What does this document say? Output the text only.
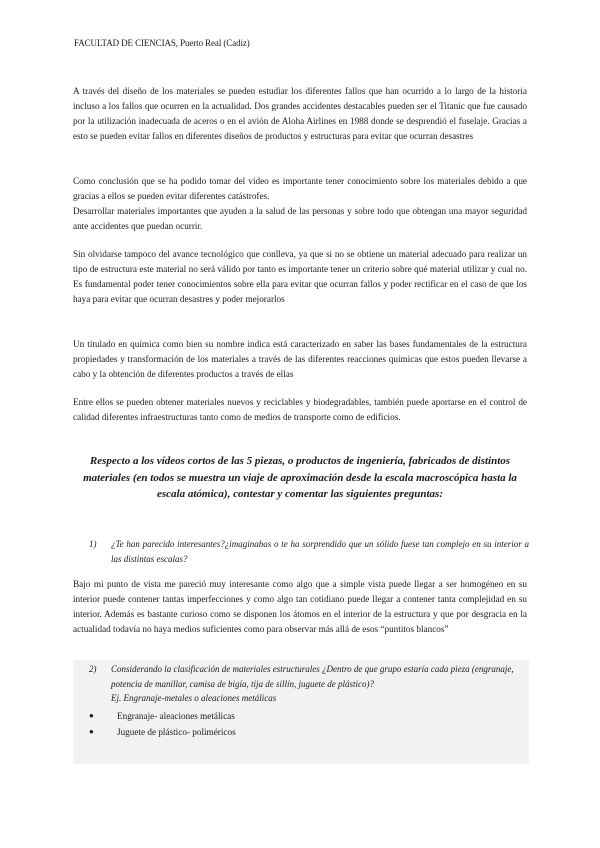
FACULTAD DE CIENCIAS, Puerto Real (Cadiz)

A través del diseño de los materiales se pueden estudiar los diferentes fallos que han ocurrido a lo largo de la historia incluso a los fallos que ocurren en la actualidad. Dos grandes accidentes destacables pueden ser el Titanic que fue causado por la utilización inadecuada de aceros o en el avión de Aloha Airlines en 1988 donde se desprendió el fuselaje. Gracias a esto se pueden evitar fallos en diferentes diseños de productos y estructuras para evitar que ocurran desastres

Como conclusión que se ha podido tomar del video es importante tener conocimiento sobre los materiales debido a que gracias a ellos se pueden evitar diferentes catástrofes.

Desarrollar materiales importantes que ayuden a la salud de las personas y sobre todo que obtengan una mayor seguridad ante accidentes que puedan ocurrir.

Sin olvidarse tampoco del avance tecnológico que conlleva, ya que si no se obtiene un material adecuado para realizar un tipo de estructura este material no será válido por tanto es importante tener un criterio sobre qué material utilizar y cual no. Es fundamental poder tener conocimientos sobre ella para evitar que ocurran fallos y poder rectificar en el caso de que los haya para evitar que ocurran desastres y poder mejorarlos

Un titulado en química como bien su nombre indica está caracterizado en saber las bases fundamentales de la estructura propiedades y transformación de los materiales a través de las diferentes reacciones químicas que estos pueden llevarse a cabo y la obtención de diferentes productos a través de ellas

Entre ellos se pueden obtener materiales nuevos y reciclables y biodegradables, también puede aportarse en el control de calidad diferentes infraestructuras tanto como de medios de transporte como de edificios.

Respecto a los vídeos cortos de las 5 piezas, o productos de ingeniería, fabricados de distintos materiales (en todos se muestra un viaje de aproximación desde la escala macroscópica hasta la escala atómica), contestar y comentar las siguientes preguntas:

1)	¿Te han parecido interesantes?¿imaginabas o te ha sorprendido que un sólido fuese tan complejo en su interior a las distintas escalas?

Bajo mi punto de vista me pareció muy interesante como algo que a simple vista puede llegar a ser homogéneo en su interior puede contener tantas imperfecciones y como algo tan cotidiano puede llegar a contener tanta complejidad en su interior. Además es bastante curioso como se disponen los átomos en el interior de la estructura y que por desgracia en la actualidad todavía no haya medios suficientes como para observar más allá de esos “puntitos blancos”

2)	Considerando la clasificación de materiales estructurales ¿Dentro de que grupo estaría cada pieza (engranaje, potencia de manillar, camisa de bigía, tija de sillín, juguete de plástico)?
Ej. Engranaje-metales o aleaciones metálicas
●	Engranaje- aleaciones metálicas
●	Juguete de plástico- poliméricos
